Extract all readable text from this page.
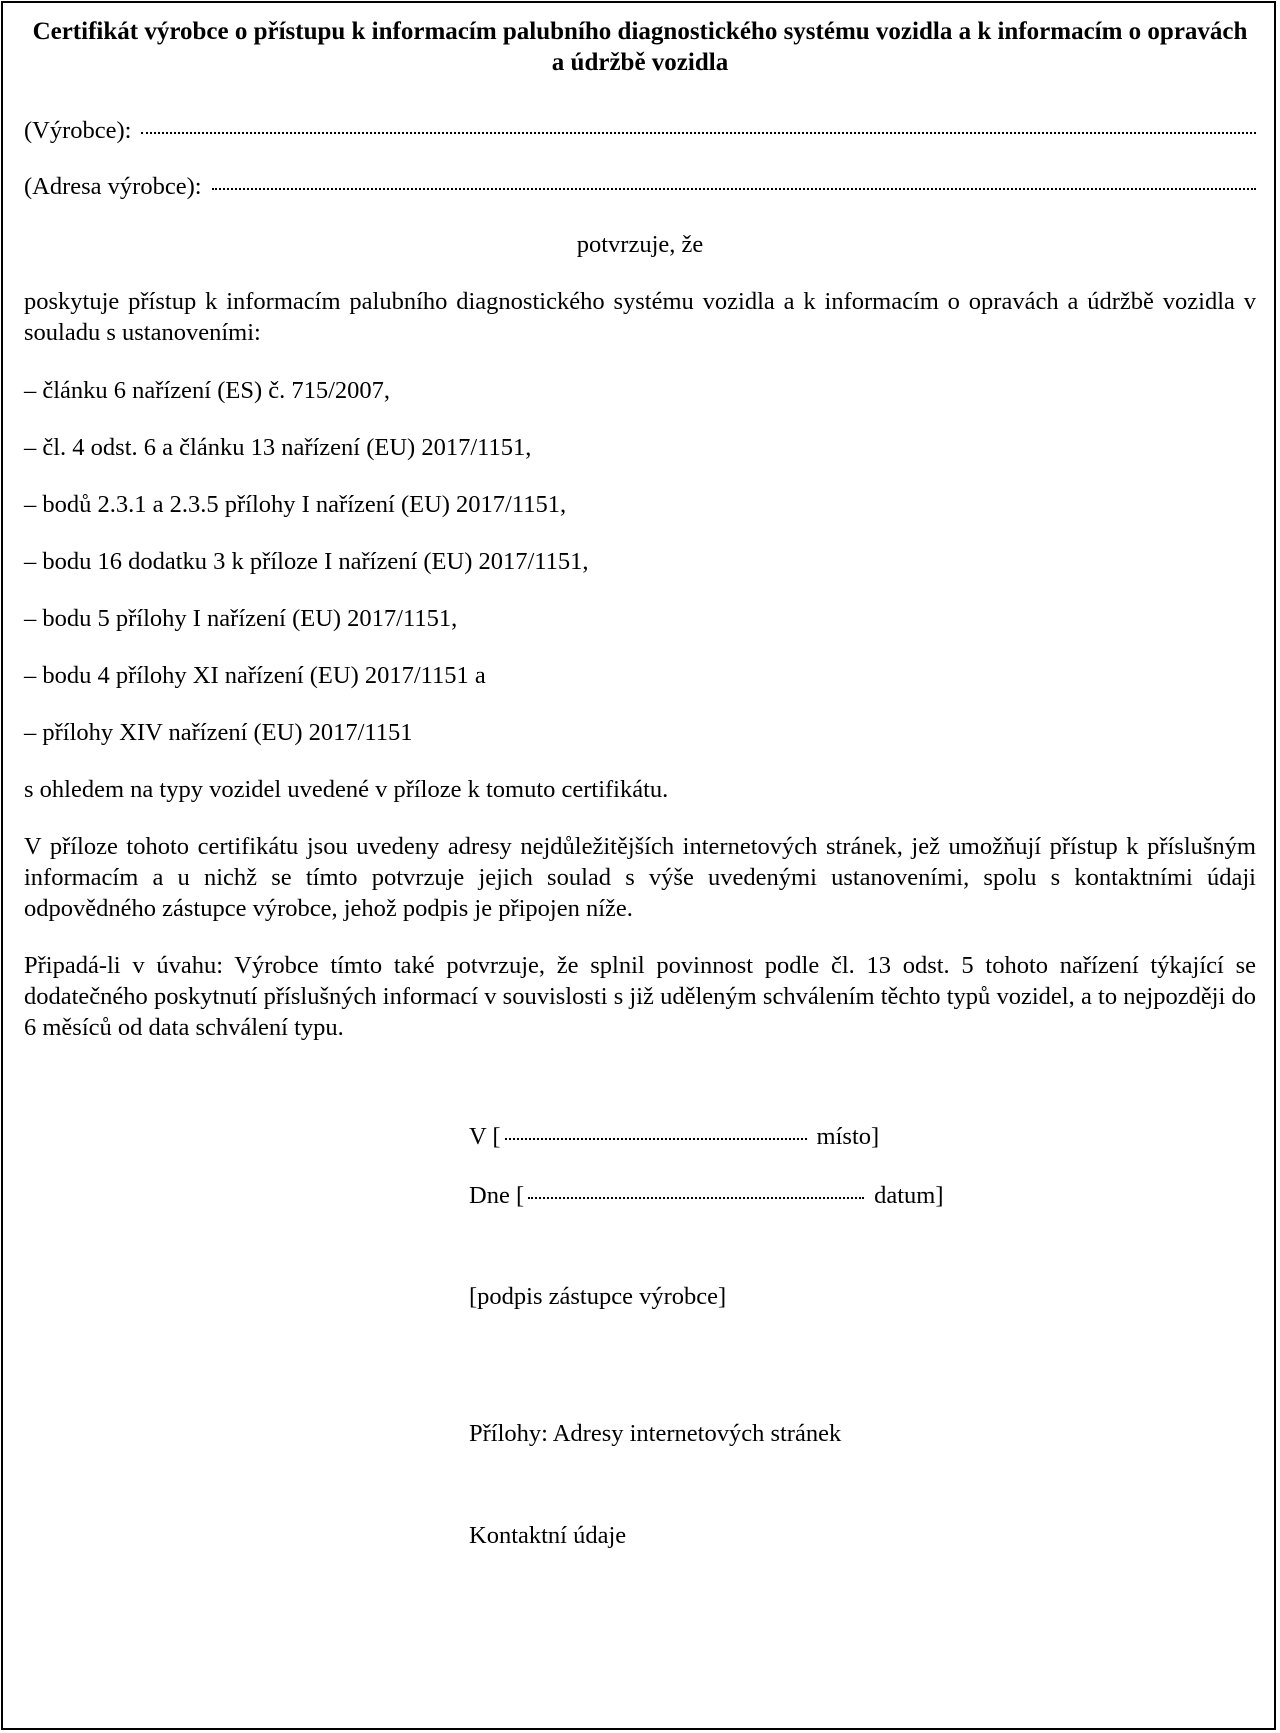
Certifikát výrobce o přístupu k informacím palubního diagnostického systému vozidla a k informacím o opravách a údržbě vozidla

(Výrobce):
(Adresa výrobce):
potvrzuje, že

poskytuje přístup k informacím palubního diagnostického systému vozidla a k informacím o opravách a údržbě vozidla v souladu s ustanoveními:

– článku 6 nařízení (ES) č. 715/2007,
– čl. 4 odst. 6 a článku 13 nařízení (EU) 2017/1151,
– bodů 2.3.1 a 2.3.5 přílohy I nařízení (EU) 2017/1151,
– bodu 16 dodatku 3 k příloze I nařízení (EU) 2017/1151,
– bodu 5 přílohy I nařízení (EU) 2017/1151,
– bodu 4 přílohy XI nařízení (EU) 2017/1151 a
– přílohy XIV nařízení (EU) 2017/1151

s ohledem na typy vozidel uvedené v příloze k tomuto certifikátu.

V příloze tohoto certifikátu jsou uvedeny adresy nejdůležitějších internetových stránek, jež umožňují přístup k příslušným informacím a u nichž se tímto potvrzuje jejich soulad s výše uvedenými ustanoveními, spolu s kontaktními údaji odpovědného zástupce výrobce, jehož podpis je připojen níže.

Připadá-li v úvahu: Výrobce tímto také potvrzuje, že splnil povinnost podle čl. 13 odst. 5 tohoto nařízení týkající se dodatečného poskytnutí příslušných informací v souvislosti s již uděleným schválením těchto typů vozidel, a to nejpozději do 6 měsíců od data schválení typu.

V [	místo]
Dne [	datum]
[podpis zástupce výrobce]
Přílohy: Adresy internetových stránek
Kontaktní údaje
